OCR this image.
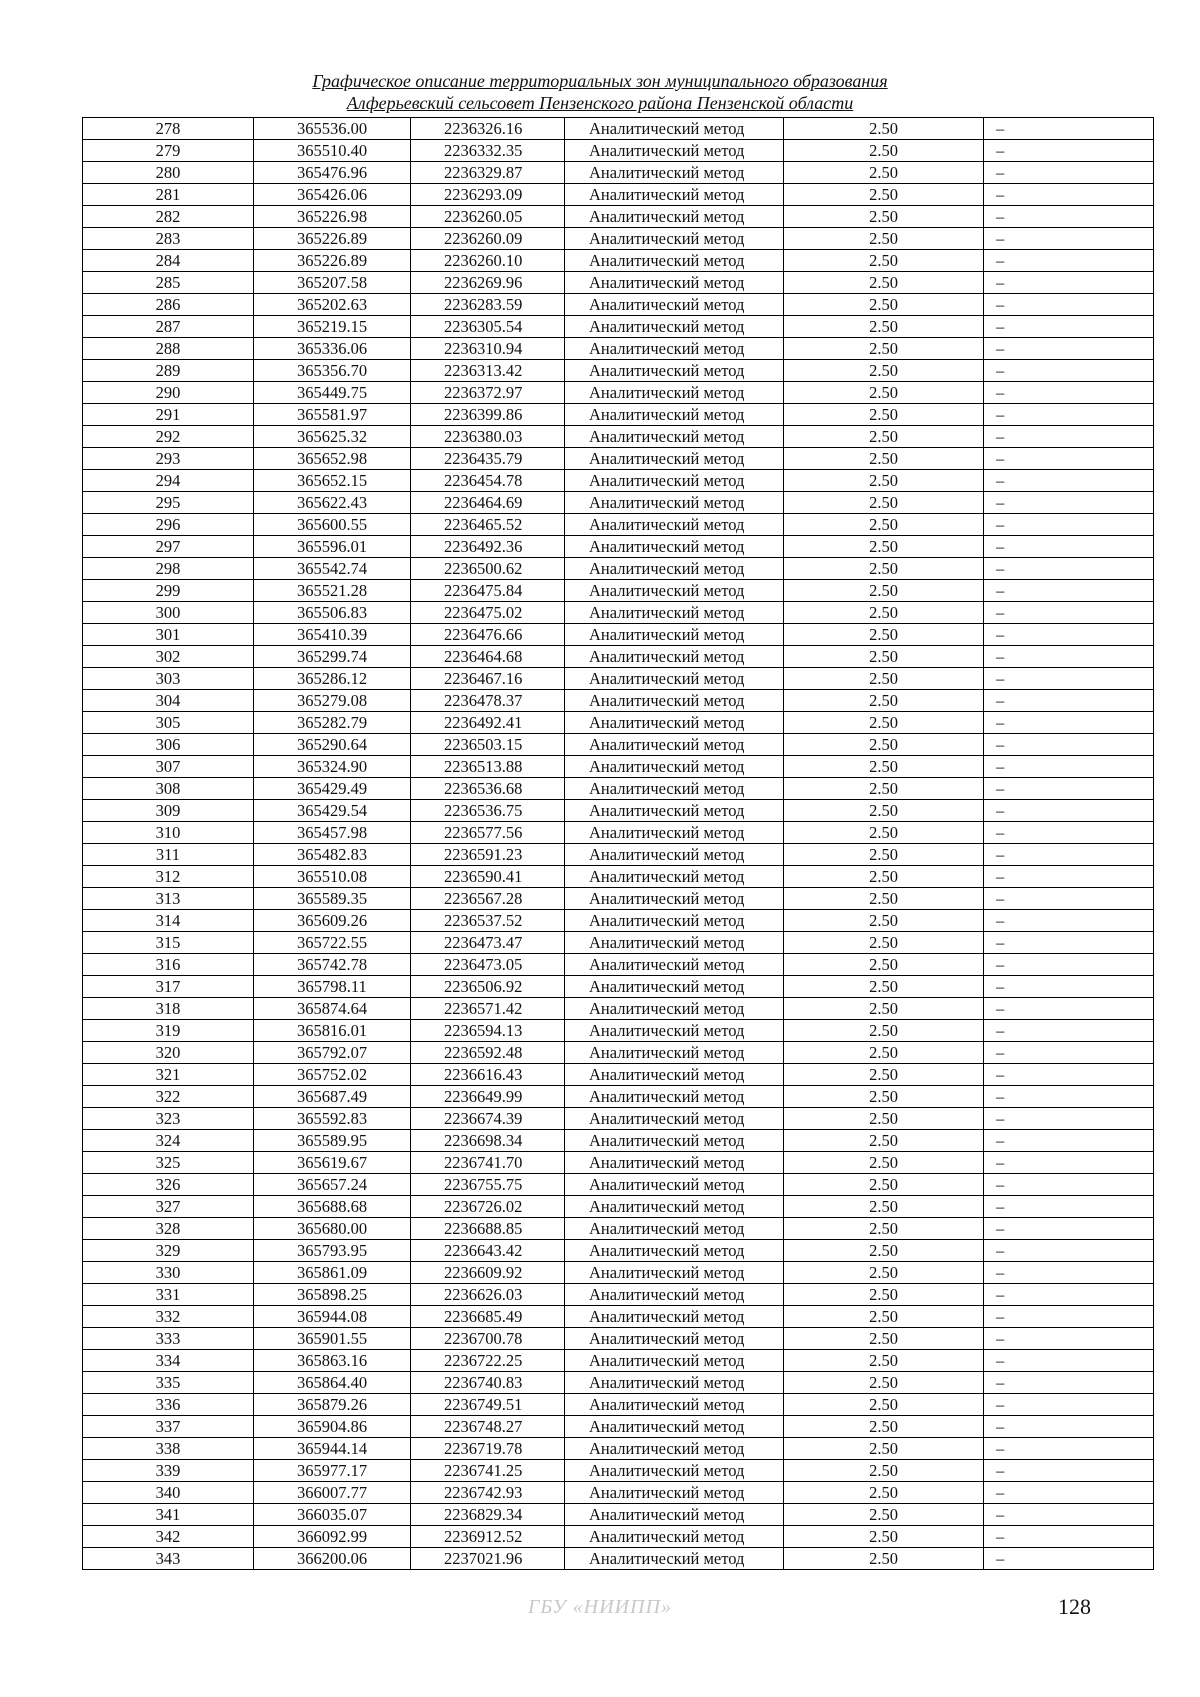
Графическое описание территориальных зон муниципального образования
Алферьевский сельсовет Пензенского района Пензенской области
278	365536.00	2236326.16	Аналитический метод	2.50	–
279	365510.40	2236332.35	Аналитический метод	2.50	–
280	365476.96	2236329.87	Аналитический метод	2.50	–
281	365426.06	2236293.09	Аналитический метод	2.50	–
282	365226.98	2236260.05	Аналитический метод	2.50	–
283	365226.89	2236260.09	Аналитический метод	2.50	–
284	365226.89	2236260.10	Аналитический метод	2.50	–
285	365207.58	2236269.96	Аналитический метод	2.50	–
286	365202.63	2236283.59	Аналитический метод	2.50	–
287	365219.15	2236305.54	Аналитический метод	2.50	–
288	365336.06	2236310.94	Аналитический метод	2.50	–
289	365356.70	2236313.42	Аналитический метод	2.50	–
290	365449.75	2236372.97	Аналитический метод	2.50	–
291	365581.97	2236399.86	Аналитический метод	2.50	–
292	365625.32	2236380.03	Аналитический метод	2.50	–
293	365652.98	2236435.79	Аналитический метод	2.50	–
294	365652.15	2236454.78	Аналитический метод	2.50	–
295	365622.43	2236464.69	Аналитический метод	2.50	–
296	365600.55	2236465.52	Аналитический метод	2.50	–
297	365596.01	2236492.36	Аналитический метод	2.50	–
298	365542.74	2236500.62	Аналитический метод	2.50	–
299	365521.28	2236475.84	Аналитический метод	2.50	–
300	365506.83	2236475.02	Аналитический метод	2.50	–
301	365410.39	2236476.66	Аналитический метод	2.50	–
302	365299.74	2236464.68	Аналитический метод	2.50	–
303	365286.12	2236467.16	Аналитический метод	2.50	–
304	365279.08	2236478.37	Аналитический метод	2.50	–
305	365282.79	2236492.41	Аналитический метод	2.50	–
306	365290.64	2236503.15	Аналитический метод	2.50	–
307	365324.90	2236513.88	Аналитический метод	2.50	–
308	365429.49	2236536.68	Аналитический метод	2.50	–
309	365429.54	2236536.75	Аналитический метод	2.50	–
310	365457.98	2236577.56	Аналитический метод	2.50	–
311	365482.83	2236591.23	Аналитический метод	2.50	–
312	365510.08	2236590.41	Аналитический метод	2.50	–
313	365589.35	2236567.28	Аналитический метод	2.50	–
314	365609.26	2236537.52	Аналитический метод	2.50	–
315	365722.55	2236473.47	Аналитический метод	2.50	–
316	365742.78	2236473.05	Аналитический метод	2.50	–
317	365798.11	2236506.92	Аналитический метод	2.50	–
318	365874.64	2236571.42	Аналитический метод	2.50	–
319	365816.01	2236594.13	Аналитический метод	2.50	–
320	365792.07	2236592.48	Аналитический метод	2.50	–
321	365752.02	2236616.43	Аналитический метод	2.50	–
322	365687.49	2236649.99	Аналитический метод	2.50	–
323	365592.83	2236674.39	Аналитический метод	2.50	–
324	365589.95	2236698.34	Аналитический метод	2.50	–
325	365619.67	2236741.70	Аналитический метод	2.50	–
326	365657.24	2236755.75	Аналитический метод	2.50	–
327	365688.68	2236726.02	Аналитический метод	2.50	–
328	365680.00	2236688.85	Аналитический метод	2.50	–
329	365793.95	2236643.42	Аналитический метод	2.50	–
330	365861.09	2236609.92	Аналитический метод	2.50	–
331	365898.25	2236626.03	Аналитический метод	2.50	–
332	365944.08	2236685.49	Аналитический метод	2.50	–
333	365901.55	2236700.78	Аналитический метод	2.50	–
334	365863.16	2236722.25	Аналитический метод	2.50	–
335	365864.40	2236740.83	Аналитический метод	2.50	–
336	365879.26	2236749.51	Аналитический метод	2.50	–
337	365904.86	2236748.27	Аналитический метод	2.50	–
338	365944.14	2236719.78	Аналитический метод	2.50	–
339	365977.17	2236741.25	Аналитический метод	2.50	–
340	366007.77	2236742.93	Аналитический метод	2.50	–
341	366035.07	2236829.34	Аналитический метод	2.50	–
342	366092.99	2236912.52	Аналитический метод	2.50	–
343	366200.06	2237021.96	Аналитический метод	2.50	–
ГБУ «НИИПП»	128
